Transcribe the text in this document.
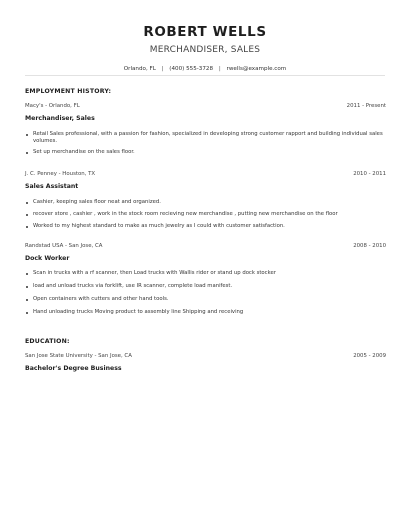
ROBERT WELLS
MERCHANDISER, SALES
Orlando, FL | (400) 555-3728 | rwells@example.com
EMPLOYMENT HISTORY:
Macy's - Orlando, FL	2011 - Present
Merchandiser, Sales
Retail Sales professional, with a passion for fashion, specialized in developing strong customer rapport and building individual sales volumes.
Set up merchandise on the sales floor.
J. C. Penney - Houston, TX	2010 - 2011
Sales Assistant
Cashier, keeping sales floor neat and organized.
recover store , cashier , work in the stock room recieving new merchandise , putting new merchandise on the floor
Worked to my highest standard to make as much jewelry as I could with customer satisfaction.
Randstad USA - San Jose, CA	2008 - 2010
Dock Worker
Scan in trucks with a rf scanner, then Load trucks with Wallis rider or stand up dock stocker
load and unload trucks via forklift, use IR scanner, complete load manifest.
Open containers with cutters and other hand tools.
Hand unloading trucks Moving product to assembly line Shipping and receiving
EDUCATION:
San Jose State University - San Jose, CA	2005 - 2009
Bachelor's Degree Business
